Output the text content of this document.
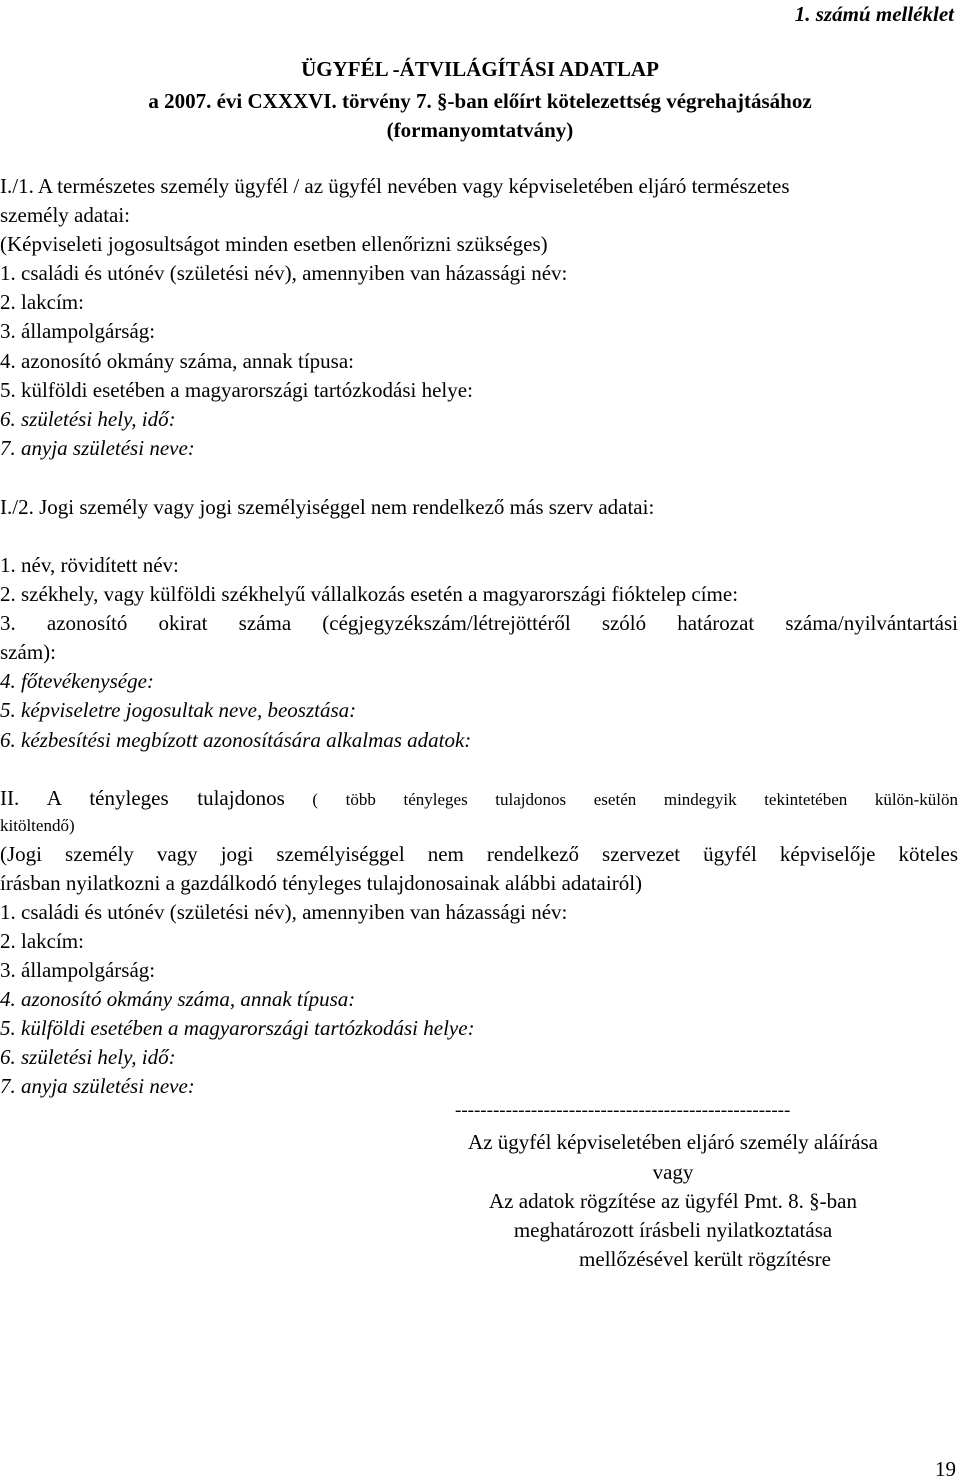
1. számú melléklet
ÜGYFÉL -ÁTVILÁGÍTÁSI ADATLAP
a 2007. évi CXXXVI. törvény 7. §-ban előírt kötelezettség végrehajtásához
(formanyomtatvány)
I./1. A természetes személy ügyfél / az ügyfél nevében vagy képviseletében eljáró természetes
személy adatai:
(Képviseleti jogosultságot minden esetben ellenőrizni szükséges)
1. családi és utónév (születési név), amennyiben van házassági név:
2. lakcím:
3. állampolgárság:
4. azonosító okmány száma, annak típusa:
5. külföldi esetében a magyarországi tartózkodási helye:
6. születési hely, idő:
7. anyja születési neve:
I./2. Jogi személy vagy jogi személyiséggel nem rendelkező más szerv adatai:
1. név, rövidített név:
2. székhely, vagy külföldi székhelyű vállalkozás esetén a magyarországi fióktelep címe:
3. azonosító okirat száma (cégjegyzékszám/létrejöttéről szóló határozat száma/nyilvántartási
szám):
4. főtevékenysége:
5. képviseletre jogosultak neve, beosztása:
6. kézbesítési megbízott azonosítására alkalmas adatok:
II. A tényleges tulajdonos ( több tényleges tulajdonos esetén mindegyik tekintetében külön-külön
kitöltendő)
(Jogi személy vagy jogi személyiséggel nem rendelkező szervezet ügyfél képviselője köteles
írásban nyilatkozni a gazdálkodó tényleges tulajdonosainak alábbi adatairól)
1. családi és utónév (születési név), amennyiben van házassági név:
2. lakcím:
3. állampolgárság:
4. azonosító okmány száma, annak típusa:
5. külföldi esetében a magyarországi tartózkodási helye:
6. születési hely, idő:
7. anyja születési neve:
-----------------------------------------------------
Az ügyfél képviseletében eljáró személy aláírása
vagy
Az adatok rögzítése az ügyfél Pmt. 8. §-ban
meghatározott írásbeli nyilatkoztatása
mellőzésével került rögzítésre
19
